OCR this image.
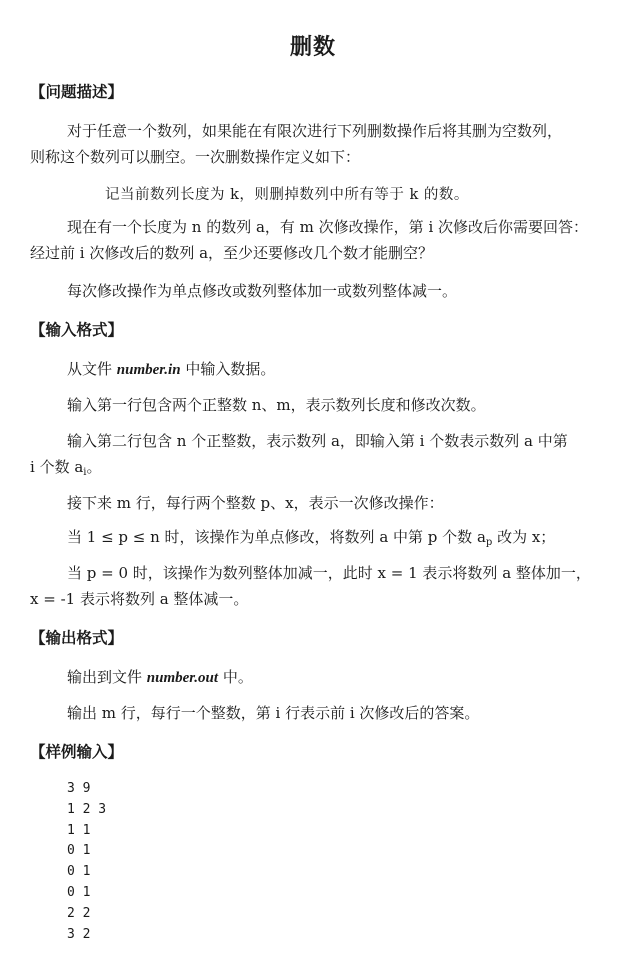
删数
【问题描述】
对于任意一个数列，如果能在有限次进行下列删数操作后将其删为空数列，
则称这个数列可以删空。一次删数操作定义如下：
记当前数列长度为 k，则删掉数列中所有等于 k 的数。
现在有一个长度为 n 的数列 a，有 m 次修改操作，第 i 次修改后你需要回答：
经过前 i 次修改后的数列 a，至少还要修改几个数才能删空？
每次修改操作为单点修改或数列整体加一或数列整体减一。
【输入格式】
从文件 number.in 中输入数据。
输入第一行包含两个正整数 n、m，表示数列长度和修改次数。
输入第二行包含 n 个正整数，表示数列 a，即输入第 i 个数表示数列 a 中第
i 个数 $a_i$。
接下来 m 行，每行两个整数 p、x，表示一次修改操作：
当 1 ≤ p ≤ n 时，该操作为单点修改，将数列 a 中第 p 个数 $a_p$ 改为 x；
当 p = 0 时，该操作为数列整体加减一，此时 x = 1 表示将数列 a 整体加一，
x = -1 表示将数列 a 整体减一。
【输出格式】
输出到文件 number.out 中。
输出 m 行，每行一个整数，第 i 行表示前 i 次修改后的答案。
【样例输入】
3 9
1 2 3
1 1
0 1
0 1
0 1
2 2
3 2
